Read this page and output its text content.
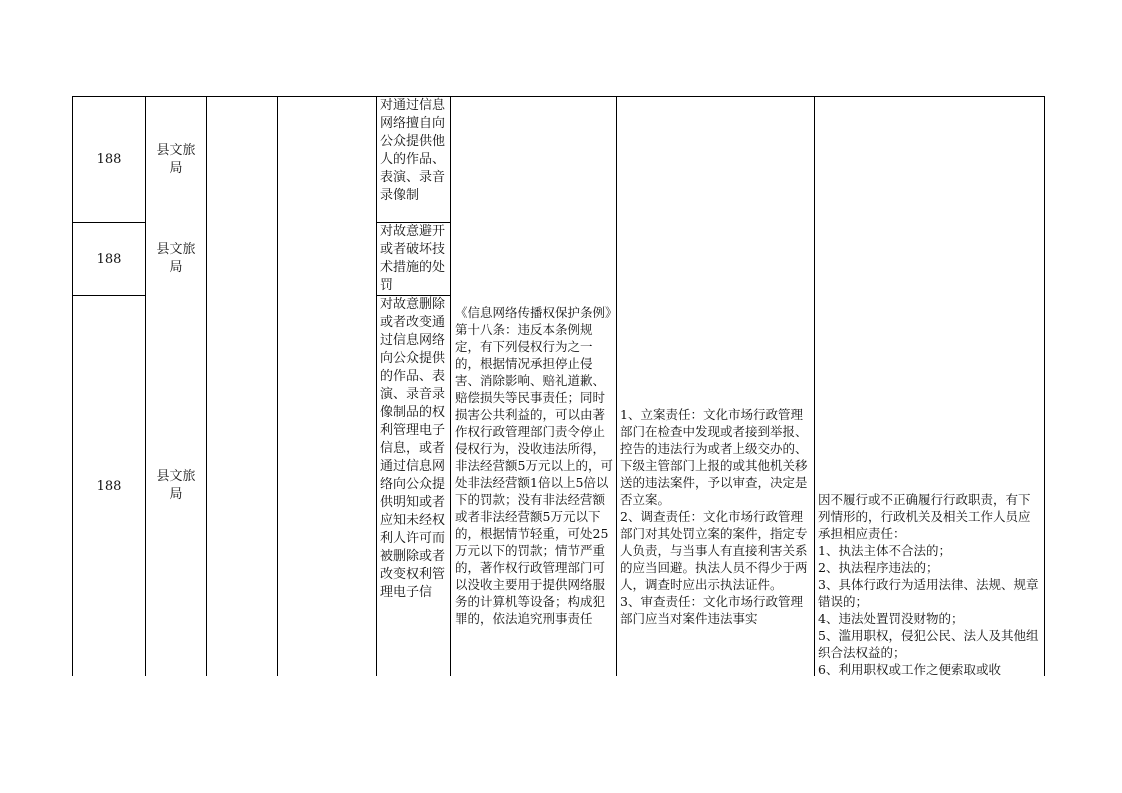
188
县文旅局
对通过信息网络擅自向公众提供他人的作品、表演、录音录像制
188
县文旅局
对故意避开或者破坏技术措施的处罚
188
县文旅局
对故意删除或者改变通过信息网络向公众提供的作品、表演、录音录像制品的权利管理电子信息，或者通过信息网络向公众提供明知或者应知未经权利人许可而被删除或者改变权利管理电子信
《信息网络传播权保护条例》第十八条：违反本条例规定，有下列侵权行为之一的，根据情况承担停止侵害、消除影响、赔礼道歉、赔偿损失等民事责任；同时损害公共利益的，可以由著作权行政管理部门责令停止侵权行为，没收违法所得，非法经营额5万元以上的，可处非法经营额1倍以上5倍以下的罚款；没有非法经营额或者非法经营额5万元以下的，根据情节轻重，可处25万元以下的罚款；情节严重的，著作权行政管理部门可以没收主要用于提供网络服务的计算机等设备；构成犯罪的，依法追究刑事责任
1、立案责任：文化市场行政管理部门在检查中发现或者接到举报、控告的违法行为或者上级交办的、下级主管部门上报的或其他机关移送的违法案件，予以审查，决定是否立案。
2、调查责任：文化市场行政管理部门对其处罚立案的案件，指定专人负责，与当事人有直接利害关系的应当回避。执法人员不得少于两人，调查时应出示执法证件。
3、审查责任：文化市场行政管理部门应当对案件违法事实
因不履行或不正确履行行政职责，有下列情形的，行政机关及相关工作人员应承担相应责任：
1、执法主体不合法的；
2、执法程序违法的；
3、具体行政行为适用法律、法规、规章错误的；
4、违法处置罚没财物的；
5、滥用职权，侵犯公民、法人及其他组织合法权益的；
6、利用职权或工作之便索取或收
